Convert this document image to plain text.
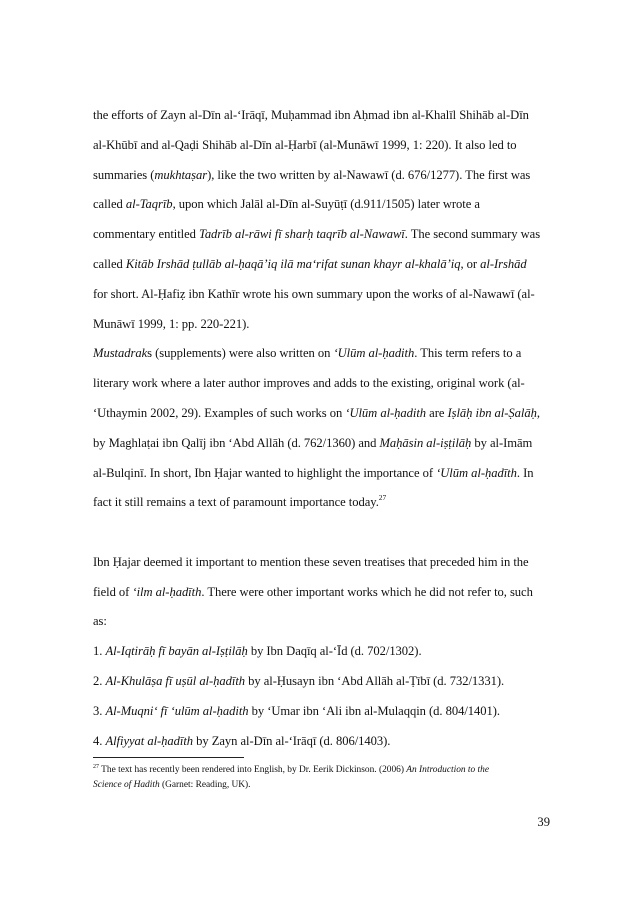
the efforts of Zayn al-Dīn al-‘Irāqī, Muḥammad ibn Aḥmad ibn al-Khalīl Shihāb al-Dīn
al-Khūbī and al-Qaḍi Shihāb al-Dīn al-Ḥarbī (al-Munāwī 1999, 1: 220). It also led to
summaries (mukhtaṣar), like the two written by al-Nawawī (d. 676/1277). The first was
called al-Taqrīb, upon which Jalāl al-Dīn al-Suyūṭī (d.911/1505) later wrote a
commentary entitled Tadrīb al-rāwi fī sharḥ taqrīb al-Nawawī. The second summary was
called Kitāb Irshād ṭullāb al-ḥaqā’iq ilā ma‘rifat sunan khayr al-khalā’iq, or al-Irshād
for short. Al-Ḥafiẓ ibn Kathīr wrote his own summary upon the works of al-Nawawī (al-
Munāwī 1999, 1: pp. 220-221).
Mustadraks (supplements) were also written on ‘Ulūm al-ḥadith. This term refers to a
literary work where a later author improves and adds to the existing, original work (al-
‘Uthaymin 2002, 29). Examples of such works on ‘Ulūm al-ḥadith are Iṣlāḥ ibn al-Ṣalāḥ,
by Maghlaṭai ibn Qalīj ibn ‘Abd Allāh (d. 762/1360) and Maḥāsin al-iṣṭilāḥ by al-Imām
al-Bulqinī. In short, Ibn Ḥajar wanted to highlight the importance of ‘Ulūm al-ḥadīth. In
fact it still remains a text of paramount importance today.$^{27}$
Ibn Ḥajar deemed it important to mention these seven treatises that preceded him in the
field of ‘ilm al-ḥadīth. There were other important works which he did not refer to, such
as:
1. Al-Iqtirāḥ fī bayān al-Iṣṭilāḥ by Ibn Daqīq al-‘Īd (d. 702/1302).
2. Al-Khulāṣa fī uṣūl al-ḥadīth by al-Ḥusayn ibn ‘Abd Allāh al-Ṭībī (d. 732/1331).
3. Al-Muqni‘ fī ‘ulūm al-ḥadith by ‘Umar ibn ‘Ali ibn al-Mulaqqin (d. 804/1401).
4. Alfiyyat al-ḥadīth by Zayn al-Dīn al-‘Irāqī (d. 806/1403).
$^{27}$ The text has recently been rendered into English, by Dr. Eerik Dickinson. (2006) An Introduction to the
Science of Hadith (Garnet: Reading, UK).
39
